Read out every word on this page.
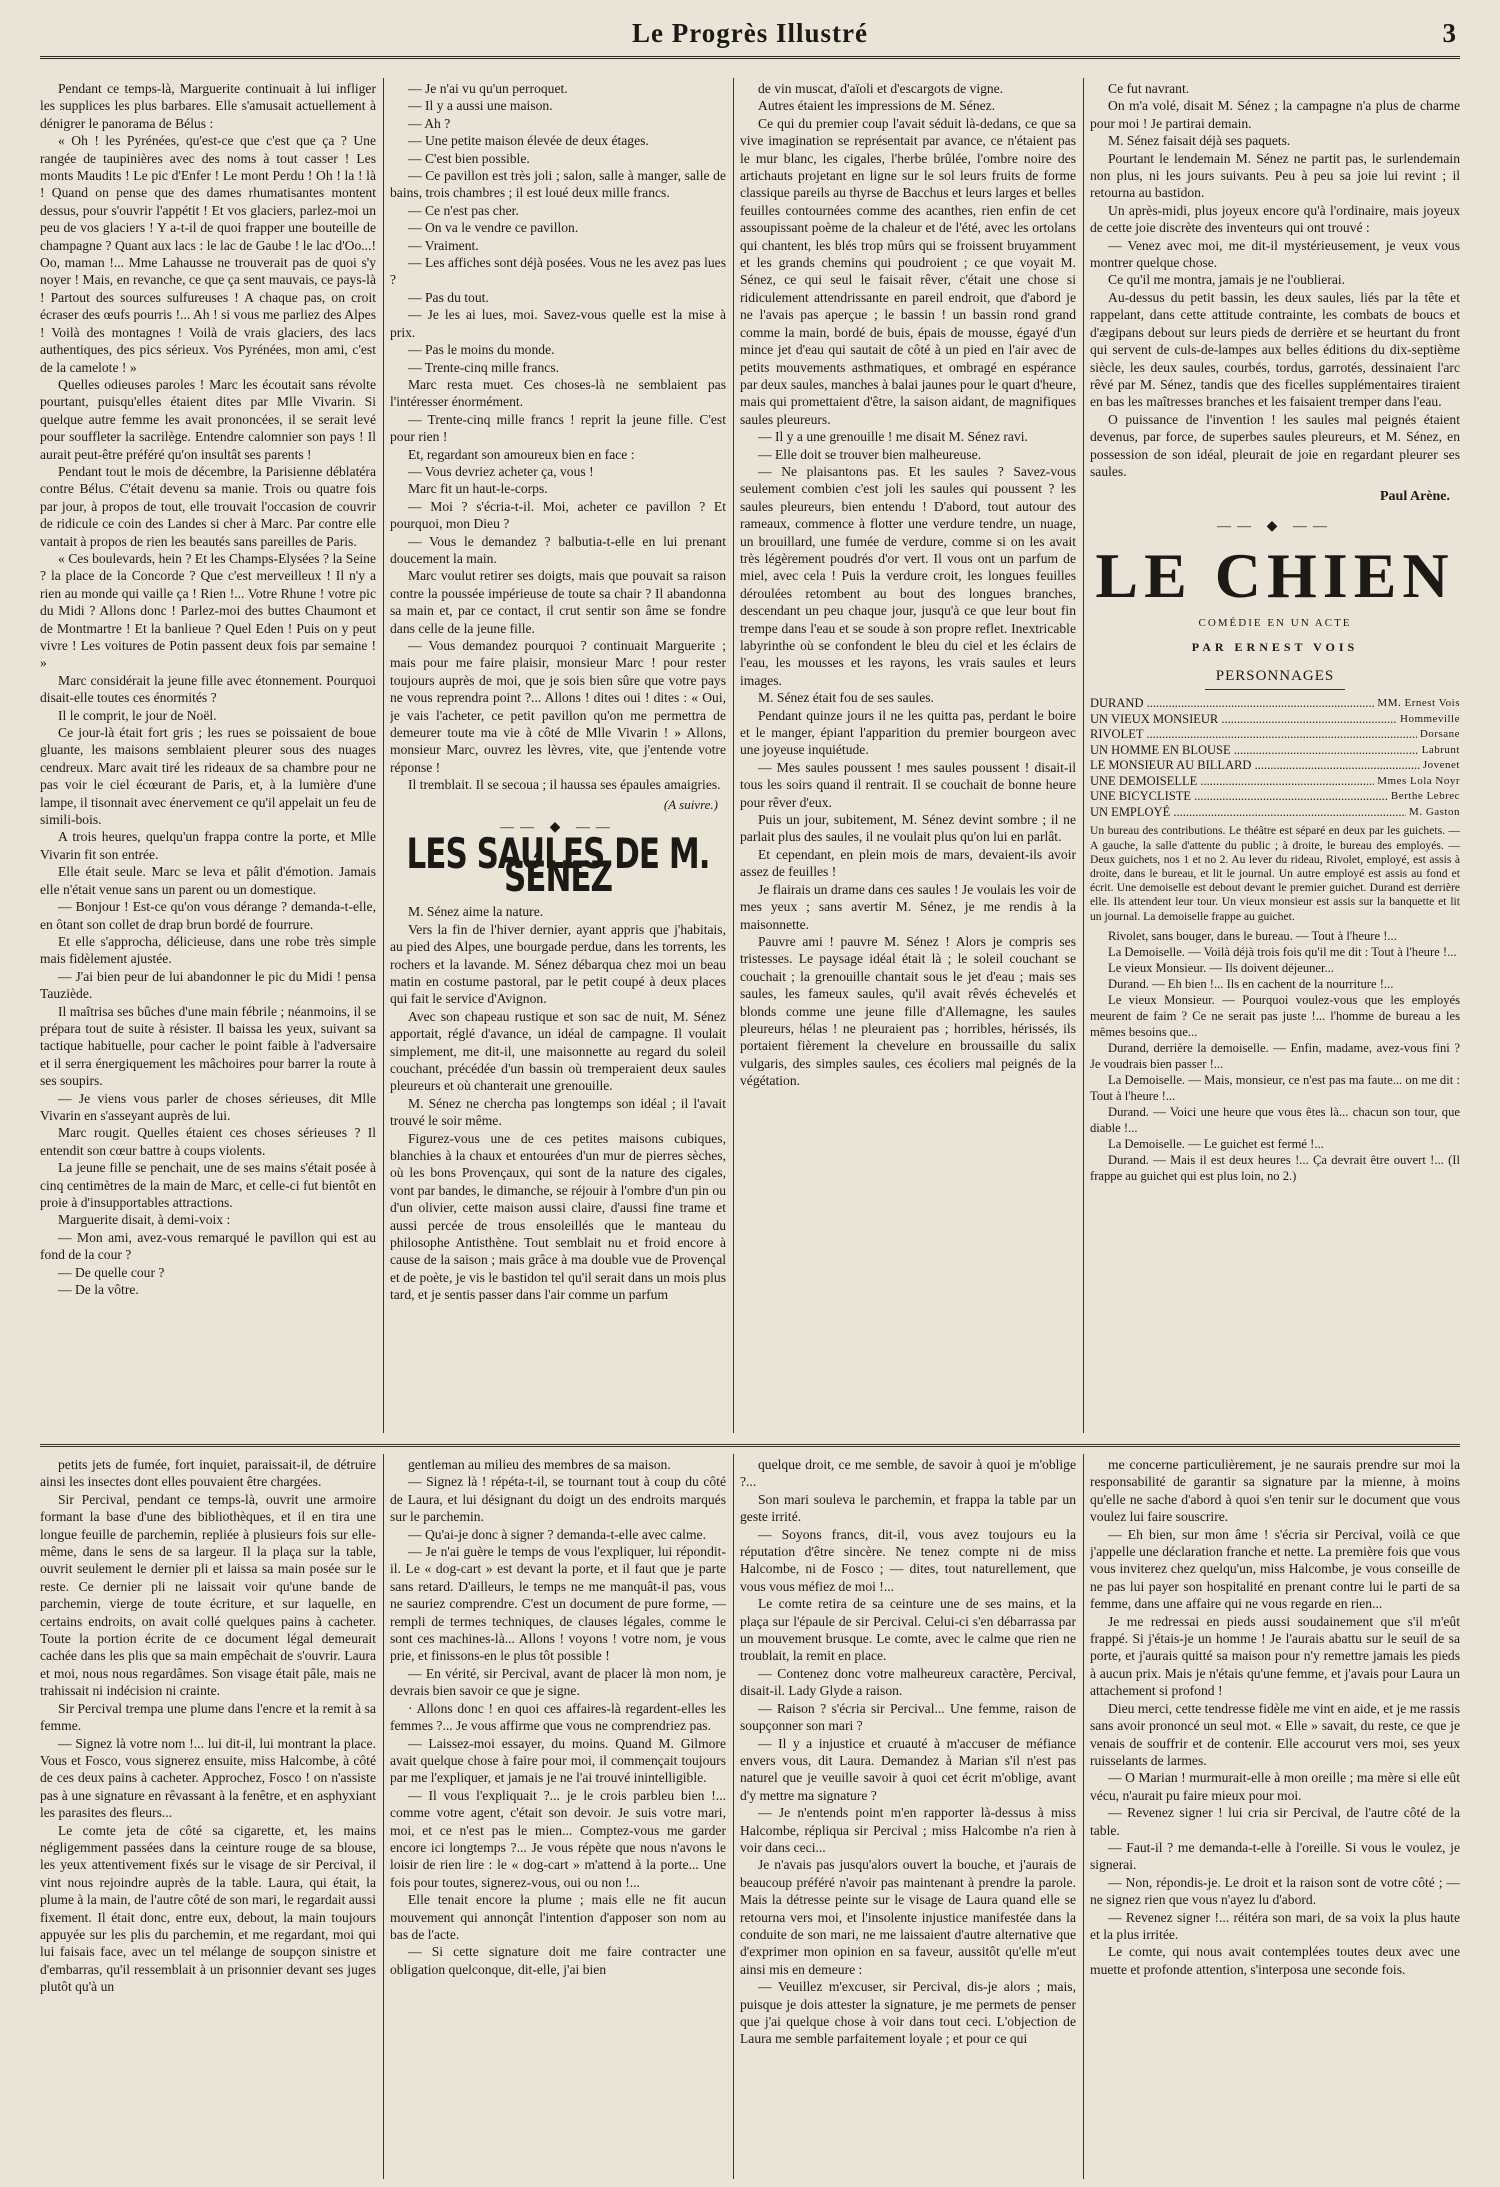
Le Progrès Illustré	3

Pendant ce temps-là, Marguerite continuait à lui infliger les supplices les plus barbares. Elle s'amusait actuellement à dénigrer le panorama de Bélus :

« Oh ! les Pyrénées, qu'est-ce que c'est que ça ? Une rangée de taupinières avec des noms à tout casser ! Les monts Maudits ! Le pic d'Enfer ! Le mont Perdu ! Oh ! la ! là ! Quand on pense que des dames rhumatisantes montent dessus, pour s'ouvrir l'appétit ! Et vos glaciers, parlez-moi un peu de vos glaciers ! Y a-t-il de quoi frapper une bouteille de champagne ? Quant aux lacs : le lac de Gaube ! le lac d'Oo...! Oo, maman !... Mme Lahausse ne trouverait pas de quoi s'y noyer ! Mais, en revanche, ce que ça sent mauvais, ce pays-là ! Partout des sources sulfureuses ! A chaque pas, on croit écraser des œufs pourris !... Ah ! si vous me parliez des Alpes ! Voilà des montagnes ! Voilà de vrais glaciers, des lacs authentiques, des pics sérieux. Vos Pyrénées, mon ami, c'est de la camelote ! »

Quelles odieuses paroles ! Marc les écoutait sans révolte pourtant, puisqu'elles étaient dites par Mlle Vivarin. Si quelque autre femme les avait prononcées, il se serait levé pour souffleter la sacrilège. Entendre calomnier son pays ! Il aurait peut-être préféré qu'on insultât ses parents !

Pendant tout le mois de décembre, la Parisienne déblatéra contre Bélus. C'était devenu sa manie. Trois ou quatre fois par jour, à propos de tout, elle trouvait l'occasion de couvrir de ridicule ce coin des Landes si cher à Marc. Par contre elle vantait à propos de rien les beautés sans pareilles de Paris.

« Ces boulevards, hein ? Et les Champs-Elysées ? la Seine ? la place de la Concorde ? Que c'est merveilleux ! Il n'y a rien au monde qui vaille ça ! Rien !... Votre Rhune ! votre pic du Midi ? Allons donc ! Parlez-moi des buttes Chaumont et de Montmartre ! Et la banlieue ? Quel Eden ! Puis on y peut vivre ! Les voitures de Potin passent deux fois par semaine ! »

Marc considérait la jeune fille avec étonnement. Pourquoi disait-elle toutes ces énormités ?

Il le comprit, le jour de Noël.

Ce jour-là était fort gris ; les rues se poissaient de boue gluante, les maisons semblaient pleurer sous des nuages cendreux. Marc avait tiré les rideaux de sa chambre pour ne pas voir le ciel écœurant de Paris, et, à la lumière d'une lampe, il tisonnait avec énervement ce qu'il appelait un feu de simili-bois.

A trois heures, quelqu'un frappa contre la porte, et Mlle Vivarin fit son entrée.

Elle était seule. Marc se leva et pâlit d'émotion. Jamais elle n'était venue sans un parent ou un domestique.

— Bonjour ! Est-ce qu'on vous dérange ? demanda-t-elle, en ôtant son collet de drap brun bordé de fourrure.

Et elle s'approcha, délicieuse, dans une robe très simple mais fidèlement ajustée.

— J'ai bien peur de lui abandonner le pic du Midi ! pensa Tauziède.

Il maîtrisa ses bûches d'une main fébrile ; néanmoins, il se prépara tout de suite à résister. Il baissa les yeux, suivant sa tactique habituelle, pour cacher le point faible à l'adversaire et il serra énergiquement les mâchoires pour barrer la route à ses soupirs.

— Je viens vous parler de choses sérieuses, dit Mlle Vivarin en s'asseyant auprès de lui.

Marc rougit. Quelles étaient ces choses sérieuses ? Il entendit son cœur battre à coups violents.

La jeune fille se penchait, une de ses mains s'était posée à cinq centimètres de la main de Marc, et celle-ci fut bientôt en proie à d'insupportables attractions.

Marguerite disait, à demi-voix :

— Mon ami, avez-vous remarqué le pavillon qui est au fond de la cour ?

— De quelle cour ?

— De la vôtre.

— Je n'ai vu qu'un perroquet.

— Il y a aussi une maison.

— Ah ?

— Une petite maison élevée de deux étages.

— C'est bien possible.

— Ce pavillon est très joli ; salon, salle à manger, salle de bains, trois chambres ; il est loué deux mille francs.

— Ce n'est pas cher.

— On va le vendre ce pavillon.

— Vraiment.

— Les affiches sont déjà posées. Vous ne les avez pas lues ?

— Pas du tout.

— Je les ai lues, moi. Savez-vous quelle est la mise à prix.

— Pas le moins du monde.

— Trente-cinq mille francs.

Marc resta muet. Ces choses-là ne semblaient pas l'intéresser énormément.

— Trente-cinq mille francs ! reprit la jeune fille. C'est pour rien !

Et, regardant son amoureux bien en face :

— Vous devriez acheter ça, vous !

Marc fit un haut-le-corps.

— Moi ? s'écria-t-il. Moi, acheter ce pavillon ? Et pourquoi, mon Dieu ?

— Vous le demandez ? balbutia-t-elle en lui prenant doucement la main.

Marc voulut retirer ses doigts, mais que pouvait sa raison contre la poussée impérieuse de toute sa chair ? Il abandonna sa main et, par ce contact, il crut sentir son âme se fondre dans celle de la jeune fille.

— Vous demandez pourquoi ? continuait Marguerite ; mais pour me faire plaisir, monsieur Marc ! pour rester toujours auprès de moi, que je sois bien sûre que votre pays ne vous reprendra point ?... Allons ! dites oui ! dites : « Oui, je vais l'acheter, ce petit pavillon qu'on me permettra de demeurer toute ma vie à côté de Mlle Vivarin ! » Allons, monsieur Marc, ouvrez les lèvres, vite, que j'entende votre réponse !

Il tremblait. Il se secoua ; il haussa ses épaules amaigries.

(A suivre.)
—— ◆ ——
LES SAULES DE M. SÉNEZ

M. Sénez aime la nature.

Vers la fin de l'hiver dernier, ayant appris que j'habitais, au pied des Alpes, une bourgade perdue, dans les torrents, les rochers et la lavande. M. Sénez débarqua chez moi un beau matin en costume pastoral, par le petit coupé à deux places qui fait le service d'Avignon.

Avec son chapeau rustique et son sac de nuit, M. Sénez apportait, réglé d'avance, un idéal de campagne. Il voulait simplement, me dit-il, une maisonnette au regard du soleil couchant, précédée d'un bassin où tremperaient deux saules pleureurs et où chanterait une grenouille.

M. Sénez ne chercha pas longtemps son idéal ; il l'avait trouvé le soir même.

Figurez-vous une de ces petites maisons cubiques, blanchies à la chaux et entourées d'un mur de pierres sèches, où les bons Provençaux, qui sont de la nature des cigales, vont par bandes, le dimanche, se réjouir à l'ombre d'un pin ou d'un olivier, cette maison aussi claire, d'aussi fine trame et aussi percée de trous ensoleillés que le manteau du philosophe Antisthène. Tout semblait nu et froid encore à cause de la saison ; mais grâce à ma double vue de Provençal et de poète, je vis le bastidon tel qu'il serait dans un mois plus tard, et je sentis passer dans l'air comme un parfum

de vin muscat, d'aïoli et d'escargots de vigne.

Autres étaient les impressions de M. Sénez.

Ce qui du premier coup l'avait séduit là-dedans, ce que sa vive imagination se représentait par avance, ce n'étaient pas le mur blanc, les cigales, l'herbe brûlée, l'ombre noire des artichauts projetant en ligne sur le sol leurs fruits de forme classique pareils au thyrse de Bacchus et leurs larges et belles feuilles contournées comme des acanthes, rien enfin de cet assoupissant poème de la chaleur et de l'été, avec les ortolans qui chantent, les blés trop mûrs qui se froissent bruyamment et les grands chemins qui poudroient ; ce que voyait M. Sénez, ce qui seul le faisait rêver, c'était une chose si ridiculement attendrissante en pareil endroit, que d'abord je ne l'avais pas aperçue ; le bassin ! un bassin rond grand comme la main, bordé de buis, épais de mousse, égayé d'un mince jet d'eau qui sautait de côté à un pied en l'air avec de petits mouvements asthmatiques, et ombragé en espérance par deux saules, manches à balai jaunes pour le quart d'heure, mais qui promettaient d'être, la saison aidant, de magnifiques saules pleureurs.

— Il y a une grenouille ! me disait M. Sénez ravi.

— Elle doit se trouver bien malheureuse.

— Ne plaisantons pas. Et les saules ? Savez-vous seulement combien c'est joli les saules qui poussent ? les saules pleureurs, bien entendu ! D'abord, tout autour des rameaux, commence à flotter une verdure tendre, un nuage, un brouillard, une fumée de verdure, comme si on les avait très légèrement poudrés d'or vert. Il vous ont un parfum de miel, avec cela ! Puis la verdure croit, les longues feuilles déroulées retombent au bout des longues branches, descendant un peu chaque jour, jusqu'à ce que leur bout fin trempe dans l'eau et se soude à son propre reflet. Inextricable labyrinthe où se confondent le bleu du ciel et les éclairs de l'eau, les mousses et les rayons, les vrais saules et leurs images.

M. Sénez était fou de ses saules.

Pendant quinze jours il ne les quitta pas, perdant le boire et le manger, épiant l'apparition du premier bourgeon avec une joyeuse inquiétude.

— Mes saules poussent ! mes saules poussent ! disait-il tous les soirs quand il rentrait. Il se couchait de bonne heure pour rêver d'eux.

Puis un jour, subitement, M. Sénez devint sombre ; il ne parlait plus des saules, il ne voulait plus qu'on lui en parlât.

Et cependant, en plein mois de mars, devaient-ils avoir assez de feuilles !

Je flairais un drame dans ces saules ! Je voulais les voir de mes yeux ; sans avertir M. Sénez, je me rendis à la maisonnette.

Pauvre ami ! pauvre M. Sénez ! Alors je compris ses tristesses. Le paysage idéal était là ; le soleil couchant se couchait ; la grenouille chantait sous le jet d'eau ; mais ses saules, les fameux saules, qu'il avait rêvés échevelés et blonds comme une jeune fille d'Allemagne, les saules pleureurs, hélas ! ne pleuraient pas ; horribles, hérissés, ils portaient fièrement la chevelure en broussaille du salix vulgaris, des simples saules, ces écoliers mal peignés de la végétation.

Ce fut navrant.

On m'a volé, disait M. Sénez ; la campagne n'a plus de charme pour moi ! Je partirai demain.

M. Sénez faisait déjà ses paquets.

Pourtant le lendemain M. Sénez ne partit pas, le surlendemain non plus, ni les jours suivants. Peu à peu sa joie lui revint ; il retourna au bastidon.

Un après-midi, plus joyeux encore qu'à l'ordinaire, mais joyeux de cette joie discrète des inventeurs qui ont trouvé :

— Venez avec moi, me dit-il mystérieusement, je veux vous montrer quelque chose.

Ce qu'il me montra, jamais je ne l'oublierai.

Au-dessus du petit bassin, les deux saules, liés par la tête et rappelant, dans cette attitude contrainte, les combats de boucs et d'ægipans debout sur leurs pieds de derrière et se heurtant du front qui servent de culs-de-lampes aux belles éditions du dix-septième siècle, les deux saules, courbés, tordus, garrotés, dessinaient l'arc rêvé par M. Sénez, tandis que des ficelles supplémentaires tiraient en bas les maîtresses branches et les faisaient tremper dans l'eau.

O puissance de l'invention ! les saules mal peignés étaient devenus, par force, de superbes saules pleureurs, et M. Sénez, en possession de son idéal, pleurait de joie en regardant pleurer ses saules.

Paul Arène.
—— ◆ ——
LE CHIEN
COMÉDIE EN UN ACTE
PAR ERNEST VOIS
PERSONNAGES
DURAND .....	MM. Ernest Vois
UN VIEUX MONSIEUR .....	Hommeville
RIVOLET .....	Dorsane
UN HOMME EN BLOUSE .....	Labrunt
LE MONSIEUR AU BILLARD .....	Jovenet
UNE DEMOISELLE .....	Mmes Lola Noyr
UNE BICYCLISTE .....	Berthe Lebrec
UN EMPLOYÉ .....	M. Gaston
Un bureau des contributions. Le théâtre est séparé en deux par les guichets. — A gauche, la salle d'attente du public ; à droite, le bureau des employés. — Deux guichets, nos 1 et no 2. Au lever du rideau, Rivolet, employé, est assis à droite, dans le bureau, et lit le journal. Un autre employé est assis au fond et écrit. Une demoiselle est debout devant le premier guichet. Durand est derrière elle. Ils attendent leur tour. Un vieux monsieur est assis sur la banquette et lit un journal. La demoiselle frappe au guichet.

Rivolet, sans bouger, dans le bureau. — Tout à l'heure !...

La Demoiselle. — Voilà déjà trois fois qu'il me dit : Tout à l'heure !...

Le vieux Monsieur. — Ils doivent déjeuner...

Durand. — Eh bien !... Ils en cachent de la nourriture !...

Le vieux Monsieur. — Pourquoi voulez-vous que les employés meurent de faim ? Ce ne serait pas juste !... l'homme de bureau a les mêmes besoins que...

Durand, derrière la demoiselle. — Enfin, madame, avez-vous fini ? Je voudrais bien passer !...

La Demoiselle. — Mais, monsieur, ce n'est pas ma faute... on me dit : Tout à l'heure !...

Durand. — Voici une heure que vous êtes là... chacun son tour, que diable !...

La Demoiselle. — Le guichet est fermé !...

Durand. — Mais il est deux heures !... Ça devrait être ouvert !... (Il frappe au guichet qui est plus loin, no 2.)

petits jets de fumée, fort inquiet, paraissait-il, de détruire ainsi les insectes dont elles pouvaient être chargées.

Sir Percival, pendant ce temps-là, ouvrit une armoire formant la base d'une des bibliothèques, et il en tira une longue feuille de parchemin, repliée à plusieurs fois sur elle-même, dans le sens de sa largeur. Il la plaça sur la table, ouvrit seulement le dernier pli et laissa sa main posée sur le reste. Ce dernier pli ne laissait voir qu'une bande de parchemin, vierge de toute écriture, et sur laquelle, en certains endroits, on avait collé quelques pains à cacheter. Toute la portion écrite de ce document légal demeurait cachée dans les plis que sa main empêchait de s'ouvrir. Laura et moi, nous nous regardâmes. Son visage était pâle, mais ne trahissait ni indécision ni crainte.

Sir Percival trempa une plume dans l'encre et la remit à sa femme.

— Signez là votre nom !... lui dit-il, lui montrant la place. Vous et Fosco, vous signerez ensuite, miss Halcombe, à côté de ces deux pains à cacheter. Approchez, Fosco ! on n'assiste pas à une signature en rêvassant à la fenêtre, et en asphyxiant les parasites des fleurs...

Le comte jeta de côté sa cigarette, et, les mains négligemment passées dans la ceinture rouge de sa blouse, les yeux attentivement fixés sur le visage de sir Percival, il vint nous rejoindre auprès de la table. Laura, qui était, la plume à la main, de l'autre côté de son mari, le regardait aussi fixement. Il était donc, entre eux, debout, la main toujours appuyée sur les plis du parchemin, et me regardant, moi qui lui faisais face, avec un tel mélange de soupçon sinistre et d'embarras, qu'il ressemblait à un prisonnier devant ses juges plutôt qu'à un

gentleman au milieu des membres de sa maison.

— Signez là ! répéta-t-il, se tournant tout à coup du côté de Laura, et lui désignant du doigt un des endroits marqués sur le parchemin.

— Qu'ai-je donc à signer ? demanda-t-elle avec calme.

— Je n'ai guère le temps de vous l'expliquer, lui répondit-il. Le « dog-cart » est devant la porte, et il faut que je parte sans retard. D'ailleurs, le temps ne me manquât-il pas, vous ne sauriez comprendre. C'est un document de pure forme, — rempli de termes techniques, de clauses légales, comme le sont ces machines-là... Allons ! voyons ! votre nom, je vous prie, et finissons-en le plus tôt possible !

— En vérité, sir Percival, avant de placer là mon nom, je devrais bien savoir ce que je signe.

· Allons donc ! en quoi ces affaires-là regardent-elles les femmes ?... Je vous affirme que vous ne comprendriez pas.

— Laissez-moi essayer, du moins. Quand M. Gilmore avait quelque chose à faire pour moi, il commençait toujours par me l'expliquer, et jamais je ne l'ai trouvé inintelligible.

— Il vous l'expliquait ?... je le crois parbleu bien !... comme votre agent, c'était son devoir. Je suis votre mari, moi, et ce n'est pas le mien... Comptez-vous me garder encore ici longtemps ?... Je vous répète que nous n'avons le loisir de rien lire : le « dog-cart » m'attend à la porte... Une fois pour toutes, signerez-vous, oui ou non !...

Elle tenait encore la plume ; mais elle ne fit aucun mouvement qui annonçât l'intention d'apposer son nom au bas de l'acte.

— Si cette signature doit me faire contracter une obligation quelconque, dit-elle, j'ai bien

quelque droit, ce me semble, de savoir à quoi je m'oblige ?...

Son mari souleva le parchemin, et frappa la table par un geste irrité.

— Soyons francs, dit-il, vous avez toujours eu la réputation d'être sincère. Ne tenez compte ni de miss Halcombe, ni de Fosco ; — dites, tout naturellement, que vous vous méfiez de moi !...

Le comte retira de sa ceinture une de ses mains, et la plaça sur l'épaule de sir Percival. Celui-ci s'en débarrassa par un mouvement brusque. Le comte, avec le calme que rien ne troublait, la remit en place.

— Contenez donc votre malheureux caractère, Percival, disait-il. Lady Glyde a raison.

— Raison ? s'écria sir Percival... Une femme, raison de soupçonner son mari ?

— Il y a injustice et cruauté à m'accuser de méfiance envers vous, dit Laura. Demandez à Marian s'il n'est pas naturel que je veuille savoir à quoi cet écrit m'oblige, avant d'y mettre ma signature ?

— Je n'entends point m'en rapporter là-dessus à miss Halcombe, répliqua sir Percival ; miss Halcombe n'a rien à voir dans ceci...

Je n'avais pas jusqu'alors ouvert la bouche, et j'aurais de beaucoup préféré n'avoir pas maintenant à prendre la parole. Mais la détresse peinte sur le visage de Laura quand elle se retourna vers moi, et l'insolente injustice manifestée dans la conduite de son mari, ne me laissaient d'autre alternative que d'exprimer mon opinion en sa faveur, aussitôt qu'elle m'eut ainsi mis en demeure :

— Veuillez m'excuser, sir Percival, dis-je alors ; mais, puisque je dois attester la signature, je me permets de penser que j'ai quelque chose à voir dans tout ceci. L'objection de Laura me semble parfaitement loyale ; et pour ce qui

me concerne particulièrement, je ne saurais prendre sur moi la responsabilité de garantir sa signature par la mienne, à moins qu'elle ne sache d'abord à quoi s'en tenir sur le document que vous voulez lui faire souscrire.

— Eh bien, sur mon âme ! s'écria sir Percival, voilà ce que j'appelle une déclaration franche et nette. La première fois que vous vous inviterez chez quelqu'un, miss Halcombe, je vous conseille de ne pas lui payer son hospitalité en prenant contre lui le parti de sa femme, dans une affaire qui ne vous regarde en rien...

Je me redressai en pieds aussi soudainement que s'il m'eût frappé. Si j'étais-je un homme ! Je l'aurais abattu sur le seuil de sa porte, et j'aurais quitté sa maison pour n'y remettre jamais les pieds à aucun prix. Mais je n'étais qu'une femme, et j'avais pour Laura un attachement si profond !

Dieu merci, cette tendresse fidèle me vint en aide, et je me rassis sans avoir prononcé un seul mot. « Elle » savait, du reste, ce que je venais de souffrir et de contenir. Elle accourut vers moi, ses yeux ruisselants de larmes.

— O Marian ! murmurait-elle à mon oreille ; ma mère si elle eût vécu, n'aurait pu faire mieux pour moi.

— Revenez signer ! lui cria sir Percival, de l'autre côté de la table.

— Faut-il ? me demanda-t-elle à l'oreille. Si vous le voulez, je signerai.

— Non, répondis-je. Le droit et la raison sont de votre côté ; — ne signez rien que vous n'ayez lu d'abord.

— Revenez signer !... réitéra son mari, de sa voix la plus haute et la plus irritée.

Le comte, qui nous avait contemplées toutes deux avec une muette et profonde attention, s'interposa une seconde fois.
